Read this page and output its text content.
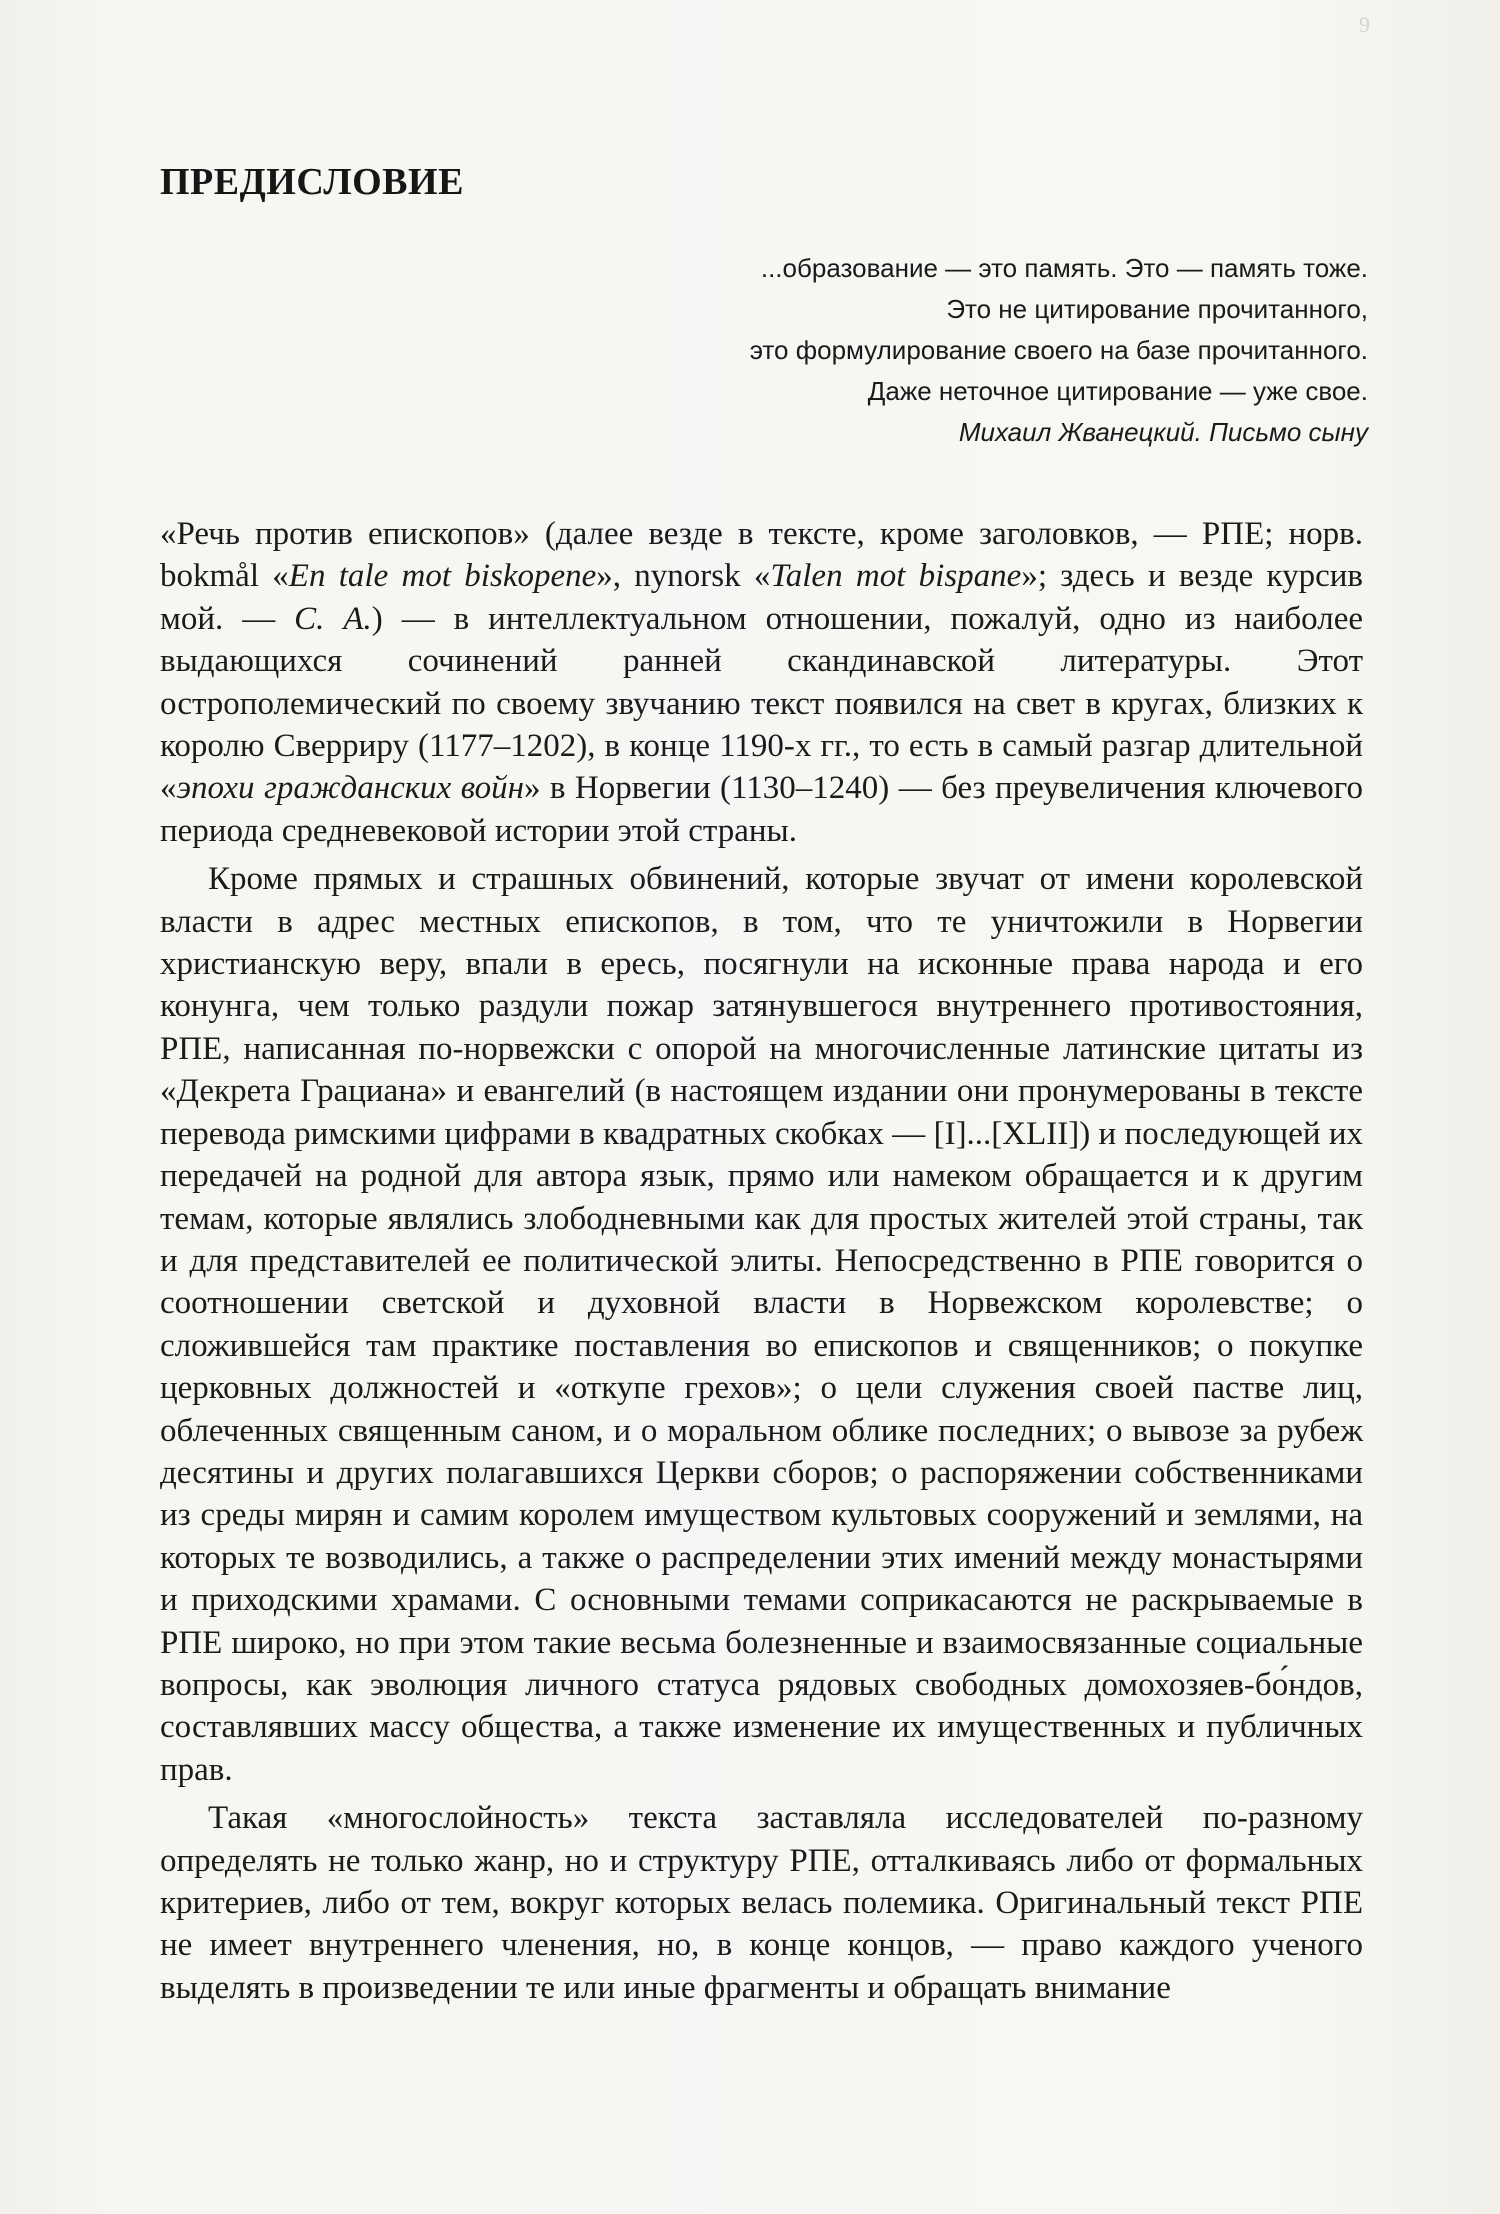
9
ПРЕДИСЛОВИЕ
...образование — это память. Это — память тоже.
Это не цитирование прочитанного,
это формулирование своего на базе прочитанного.
Даже неточное цитирование — уже свое.
Михаил Жванецкий. Письмо сыну

«Речь против епископов» (далее везде в тексте, кроме заголовков, — РПЕ; норв. bokmål «En tale mot biskopene», nynorsk «Talen mot bispane»; здесь и везде курсив мой. — С. А.) — в интеллектуальном отношении, пожалуй, одно из наиболее выдающихся сочинений ранней скандинавской литературы. Этот острополемический по своему звучанию текст появился на свет в кругах, близких к королю Сверриру (1177–1202), в конце 1190-х гг., то есть в самый разгар длительной «эпохи гражданских войн» в Норвегии (1130–1240) — без преувеличения ключевого периода средневековой истории этой страны.

Кроме прямых и страшных обвинений, которые звучат от имени королевской власти в адрес местных епископов, в том, что те уничтожили в Норвегии христианскую веру, впали в ересь, посягнули на исконные права народа и его конунга, чем только раздули пожар затянувшегося внутреннего противостояния, РПЕ, написанная по-норвежски с опорой на многочисленные латинские цитаты из «Декрета Грациана» и евангелий (в настоящем издании они пронумерованы в тексте перевода римскими цифрами в квадратных скобках — [I]...[XLII]) и последующей их передачей на родной для автора язык, прямо или намеком обращается и к другим темам, которые являлись злободневными как для простых жителей этой страны, так и для представителей ее политической элиты. Непосредственно в РПЕ говорится о соотношении светской и духовной власти в Норвежском королевстве; о сложившейся там практике поставления во епископов и священников; о покупке церковных должностей и «откупе грехов»; о цели служения своей пастве лиц, облеченных священным саном, и о моральном облике последних; о вывозе за рубеж десятины и других полагавшихся Церкви сборов; о распоряжении собственниками из среды мирян и самим королем имуществом культовых сооружений и землями, на которых те возводились, а также о распределении этих имений между монастырями и приходскими храмами. С основными темами соприкасаются не раскрываемые в РПЕ широко, но при этом такие весьма болезненные и взаимосвязанные социальные вопросы, как эволюция личного статуса рядовых свободных домохозяев-бо́ндов, составлявших массу общества, а также изменение их имущественных и публичных прав.

Такая «многослойность» текста заставляла исследователей по-разному определять не только жанр, но и структуру РПЕ, отталкиваясь либо от формальных критериев, либо от тем, вокруг которых велась полемика. Оригинальный текст РПЕ не имеет внутреннего членения, но, в конце концов, — право каждого ученого выделять в произведении те или иные фрагменты и обращать внимание
